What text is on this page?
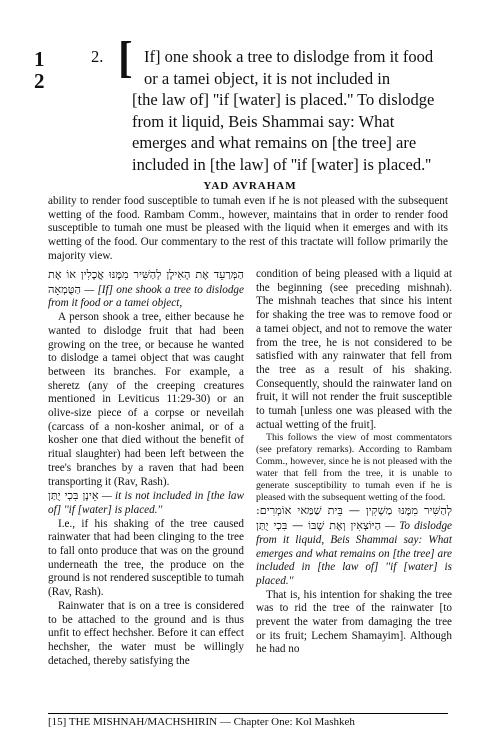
1
2
2. [ If] one shook a tree to dislodge from it food
or a tamei object, it is not included in
[the law of] ''if [water] is placed.'' To dislodge
from it liquid, Beis Shammai say: What
emerges and what remains on [the tree] are
included in [the law] of ''if [water] is placed.''
YAD AVRAHAM
ability to render food susceptible to tumah even if he is not pleased with the subsequent wetting of the food. Rambam Comm., however, maintains that in order to render food susceptible to tumah one must be pleased with the liquid when it emerges and with its wetting of the food. Our commentary to the rest of this tractate will follow primarily the majority view.

הַמְּרַעֵד אֶת הָאִילָן לְהַשִּׁיר מִמֶּנּוּ אֳכָלִין אוֹ אֶת הַטֻּמְאָה — [If] one shook a tree to dislodge from it food or a tamei object,

A person shook a tree, either because he wanted to dislodge fruit that had been growing on the tree, or because he wanted to dislodge a tamei object that was caught between its branches. For example, a sheretz (any of the creeping creatures mentioned in Leviticus 11:29-30) or an olive-size piece of a corpse or neveilah (carcass of a non-kosher animal, or of a kosher one that died without the benefit of ritual slaughter) had been left between the tree's branches by a raven that had been transporting it (Rav, Rash).

אֵינָן בִּכְי יֻתַּן — it is not included in [the law of] ''if [water] is placed.''

I.e., if his shaking of the tree caused rainwater that had been clinging to the tree to fall onto produce that was on the ground underneath the tree, the produce on the ground is not rendered susceptible to tumah (Rav, Rash).

Rainwater that is on a tree is considered to be attached to the ground and is thus unfit to effect hechsher. Before it can effect hechsher, the water must be willingly detached, thereby satisfying the

condition of being pleased with a liquid at the beginning (see preceding mishnah). The mishnah teaches that since his intent for shaking the tree was to remove food or a tamei object, and not to remove the water from the tree, he is not considered to be satisfied with any rainwater that fell from the tree as a result of his shaking. Consequently, should the rainwater land on fruit, it will not render the fruit susceptible to tumah [unless one was pleased with the actual wetting of the fruit].

This follows the view of most commentators (see prefatory remarks). According to Rambam Comm., however, since he is not pleased with the water that fell from the tree, it is unable to generate susceptibility to tumah even if he is pleased with the subsequent wetting of the food.

לְהַשִּׁיר מִמֶּנּוּ מַשְׁקִין — בֵּית שַׁמַּאי אוֹמְרִים: הַיּוֹצְאִין וְאֶת שֶׁבּוֹ — בִּכְי יֻתַּן — To dislodge from it liquid, Beis Shammai say: What emerges and what remains on [the tree] are included in [the law of] ''if [water] is placed.''

That is, his intention for shaking the tree was to rid the tree of the rainwater [to prevent the water from damaging the tree or its fruit; Lechem Shamayim]. Although he had no

[15] THE MISHNAH/MACHSHIRIN — Chapter One: Kol Mashkeh
